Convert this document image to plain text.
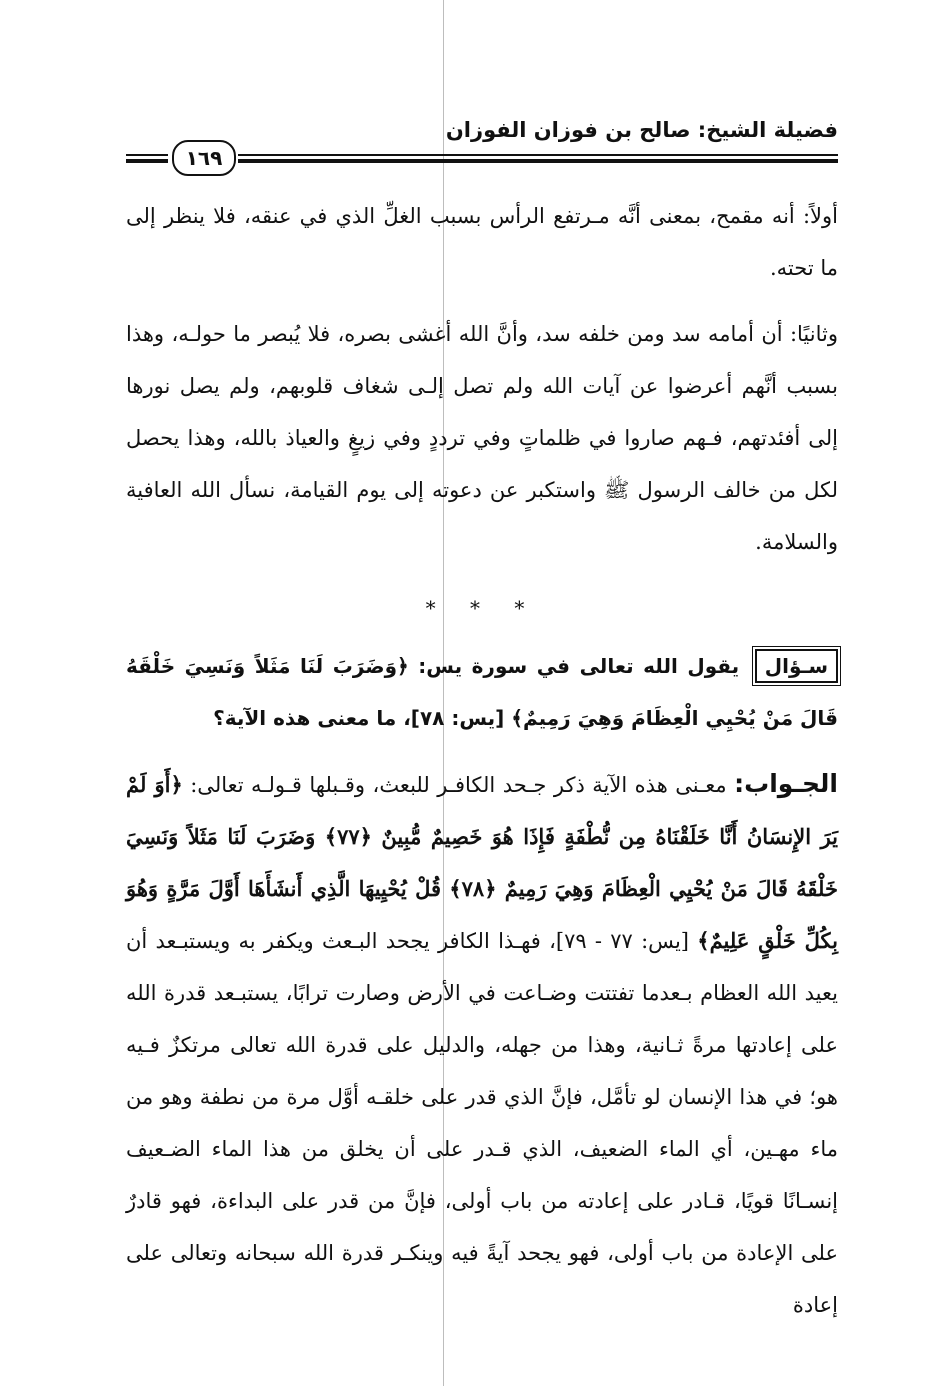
فضيلة الشيخ: صالح بن فوزان الفوزان
١٦٩

أولاً: أنه مقمح، بمعنى أنَّه مـرتفع الرأس بسبب الغلِّ الذي في عنقه، فلا ينظر إلى ما تحته.

وثانيًا: أن أمامه سد ومن خلفه سد، وأنَّ الله أغشى بصره، فلا يُبصر ما حولـه، وهذا بسبب أنَّهم أعرضوا عن آيات الله ولم تصل إلـى شغاف قلوبهم، ولم يصل نورها إلى أفئدتهم، فـهم صاروا في ظلماتٍ وفي ترددٍ وفي زيغٍ والعياذ بالله، وهذا يحصل لكل من خالف الرسول ﷺ واستكبر عن دعوته إلى يوم القيامة، نسأل الله العافية والسلامة.

* * *

سـؤال يقول الله تعالى في سورة يس: ﴿وَضَرَبَ لَنَا مَثَلاً وَنَسِيَ خَلْقَهُ قَالَ مَنْ يُحْيِي الْعِظَامَ وَهِيَ رَمِيمٌ﴾ [يس: ٧٨]، ما معنى هذه الآية؟

الجـواب: معـنى هذه الآية ذكر جـحد الكافـر للبعث، وقـبلها قـولـه تعالى: ﴿أَوَ لَمْ يَرَ الإِنسَانُ أَنَّا خَلَقْنَاهُ مِن نُّطْفَةٍ فَإِذَا هُوَ خَصِيمٌ مُّبِينٌ ﴿٧٧﴾ وَضَرَبَ لَنَا مَثَلاً وَنَسِيَ خَلْقَهُ قَالَ مَنْ يُحْيِي الْعِظَامَ وَهِيَ رَمِيمٌ ﴿٧٨﴾ قُلْ يُحْيِيهَا الَّذِي أَنشَأَهَا أَوَّلَ مَرَّةٍ وَهُوَ بِكُلِّ خَلْقٍ عَلِيمٌ﴾ [يس: ٧٧ - ٧٩]، فهـذا الكافر يجحد البـعث ويكفر به ويستبـعد أن يعيد الله العظام بـعدما تفتتت وضـاعت في الأرض وصارت ترابًا، يستبـعد قدرة الله على إعادتها مرةً ثـانية، وهذا من جهله، والدليل على قدرة الله تعالى مرتكزٌ فـيه هو؛ في هذا الإنسان لو تأمَّل، فإنَّ الذي قدر على خلقـه أوَّل مرة من نطفة وهو من ماء مهـين، أي الماء الضعيف، الذي قـدر على أن يخلق من هذا الماء الضـعيف إنسـانًا قويًا، قـادر على إعادته من باب أولى، فإنَّ من قدر على البداءة، فهو قادرٌ على الإعادة من باب أولى، فهو يجحد آيةً فيه وينكـر قدرة الله سبحانه وتعالى على إعادة
